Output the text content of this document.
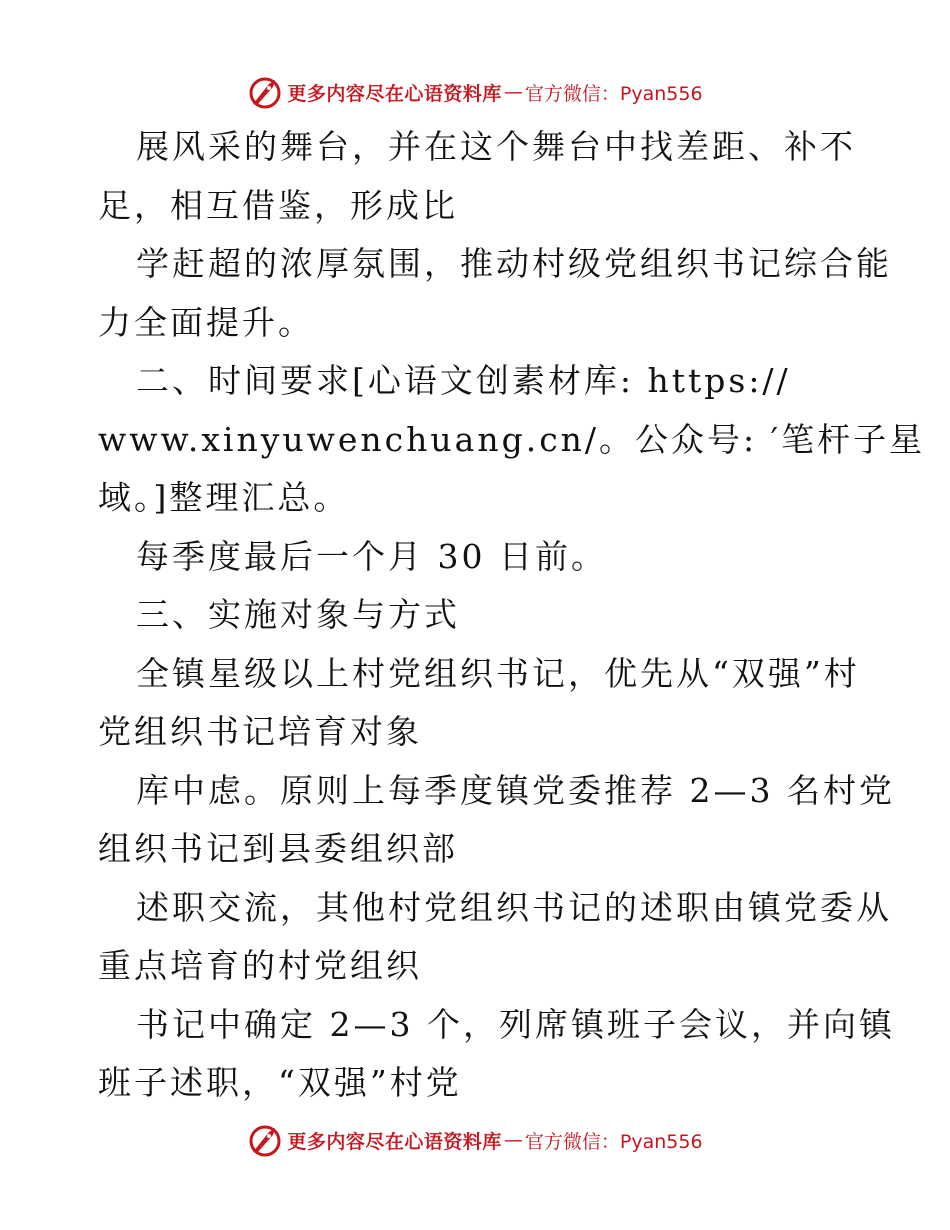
更多内容尽在心语资料库 — 官方微信：Pyan556
展风采的舞台，并在这个舞台中找差距、补不
足，相互借鉴，形成比
学赶超的浓厚氛围，推动村级党组织书记综合能
力全面提升。
二、时间要求[心语文创素材库: https://
www.xinyuwenchuang.cn/。公众号: ′笔杆子星
域。]整理汇总。
每季度最后一个月 30 日前。
三、实施对象与方式
全镇星级以上村党组织书记，优先从“双强”村
党组织书记培育对象
库中虑。原则上每季度镇党委推荐 2—3 名村党
组织书记到县委组织部
述职交流，其他村党组织书记的述职由镇党委从
重点培育的村党组织
书记中确定 2—3 个，列席镇班子会议，并向镇
班子述职，“双强”村党
更多内容尽在心语资料库 — 官方微信：Pyan556
